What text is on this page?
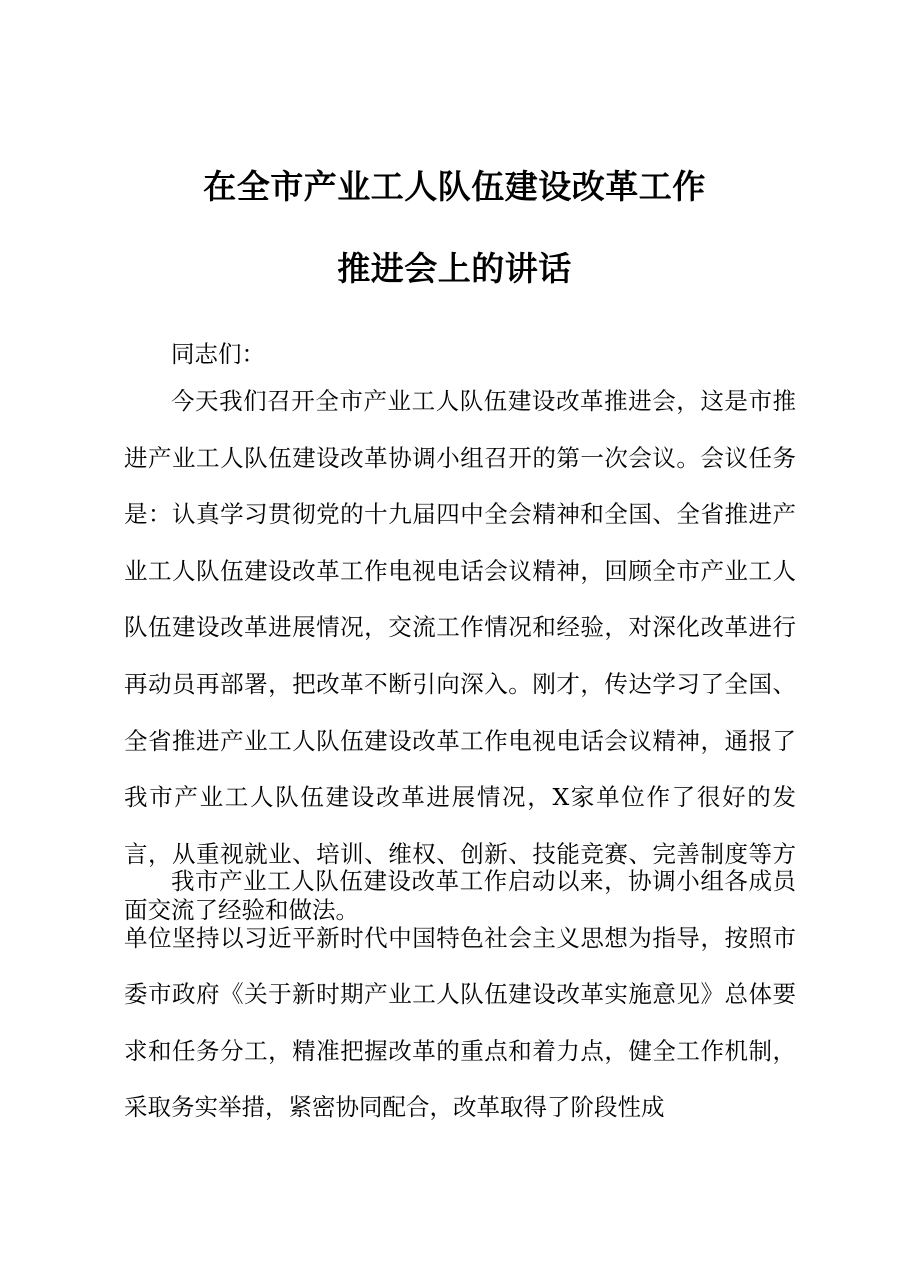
在全市产业工人队伍建设改革工作
推进会上的讲话

同志们：

今天我们召开全市产业工人队伍建设改革推进会，这是市推进产业工人队伍建设改革协调小组召开的第一次会议。会议任务是：认真学习贯彻党的十九届四中全会精神和全国、全省推进产业工人队伍建设改革工作电视电话会议精神，回顾全市产业工人队伍建设改革进展情况，交流工作情况和经验，对深化改革进行再动员再部署，把改革不断引向深入。刚才，传达学习了全国、全省推进产业工人队伍建设改革工作电视电话会议精神，通报了我市产业工人队伍建设改革进展情况，X家单位作了很好的发言，从重视就业、培训、维权、创新、技能竞赛、完善制度等方面交流了经验和做法。

我市产业工人队伍建设改革工作启动以来，协调小组各成员单位坚持以习近平新时代中国特色社会主义思想为指导，按照市委市政府《关于新时期产业工人队伍建设改革实施意见》总体要求和任务分工，精准把握改革的重点和着力点，健全工作机制，采取务实举措，紧密协同配合，改革取得了阶段性成
